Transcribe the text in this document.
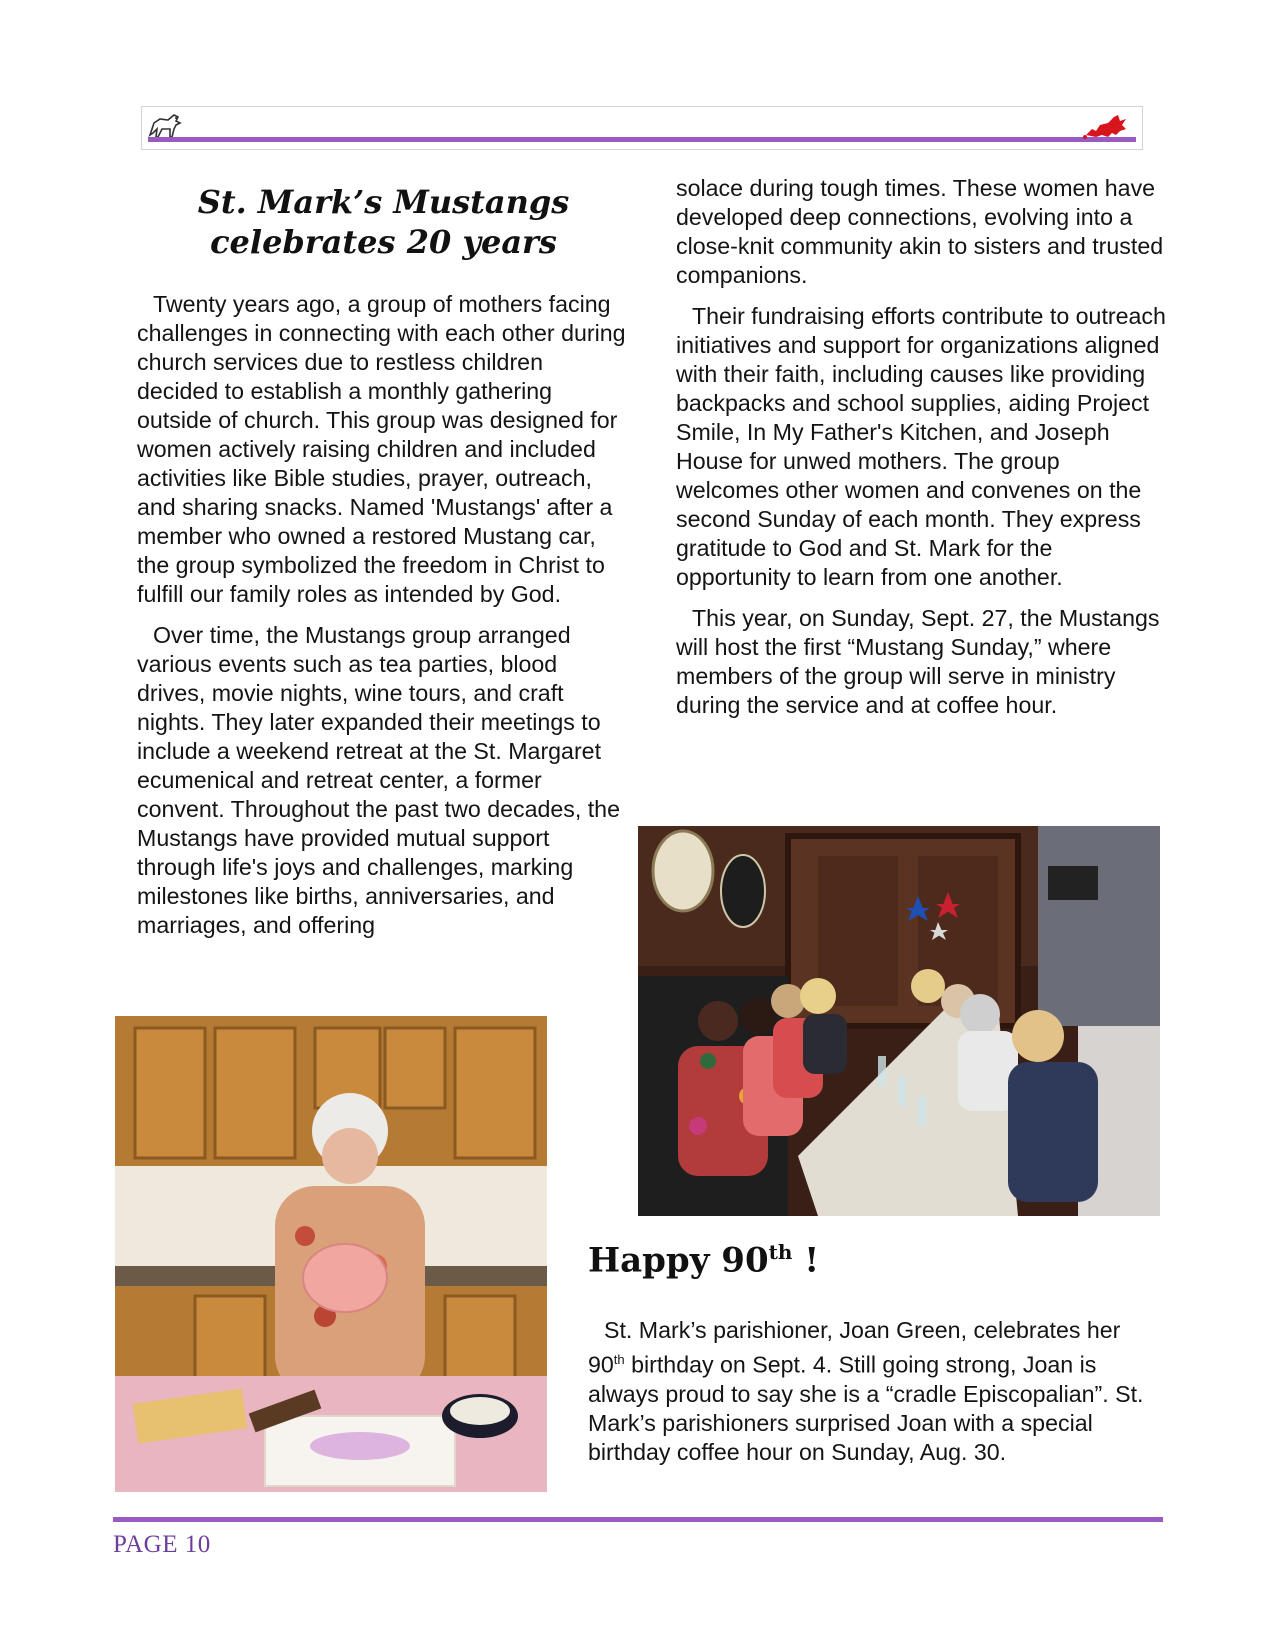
St. Mark’s Mustangs
celebrates 20 years

Twenty years ago, a group of mothers facing challenges in connecting with each other during church services due to restless children decided to establish a monthly gathering outside of church. This group was designed for women actively raising children and included activities like Bible studies, prayer, outreach, and sharing snacks. Named 'Mustangs' after a member who owned a restored Mustang car, the group symbolized the freedom in Christ to fulfill our family roles as intended by God.

Over time, the Mustangs group arranged various events such as tea parties, blood drives, movie nights, wine tours, and craft nights. They later expanded their meetings to include a weekend retreat at the St. Margaret ecumenical and retreat center, a former convent. Throughout the past two decades, the Mustangs have provided mutual support through life's joys and challenges, marking milestones like births, anniversaries, and marriages, and offering

solace during tough times. These women have developed deep connections, evolving into a close-knit community akin to sisters and trusted companions.

Their fundraising efforts contribute to outreach initiatives and support for organizations aligned with their faith, including causes like providing backpacks and school supplies, aiding Project Smile, In My Father's Kitchen, and Joseph House for unwed mothers. The group welcomes other women and convenes on the second Sunday of each month. They express gratitude to God and St. Mark for the opportunity to learn from one another.

This year, on Sunday, Sept. 27, the Mustangs will host the first “Mustang Sunday,” where members of the group will serve in ministry during the service and at coffee hour.

Happy 90th !
St. Mark’s parishioner, Joan Green, celebrates her 90th birthday on Sept. 4. Still going strong, Joan is always proud to say she is a “cradle Episcopalian”. St. Mark’s parishioners surprised Joan with a special birthday coffee hour on Sunday, Aug. 30.
PAGE 10
